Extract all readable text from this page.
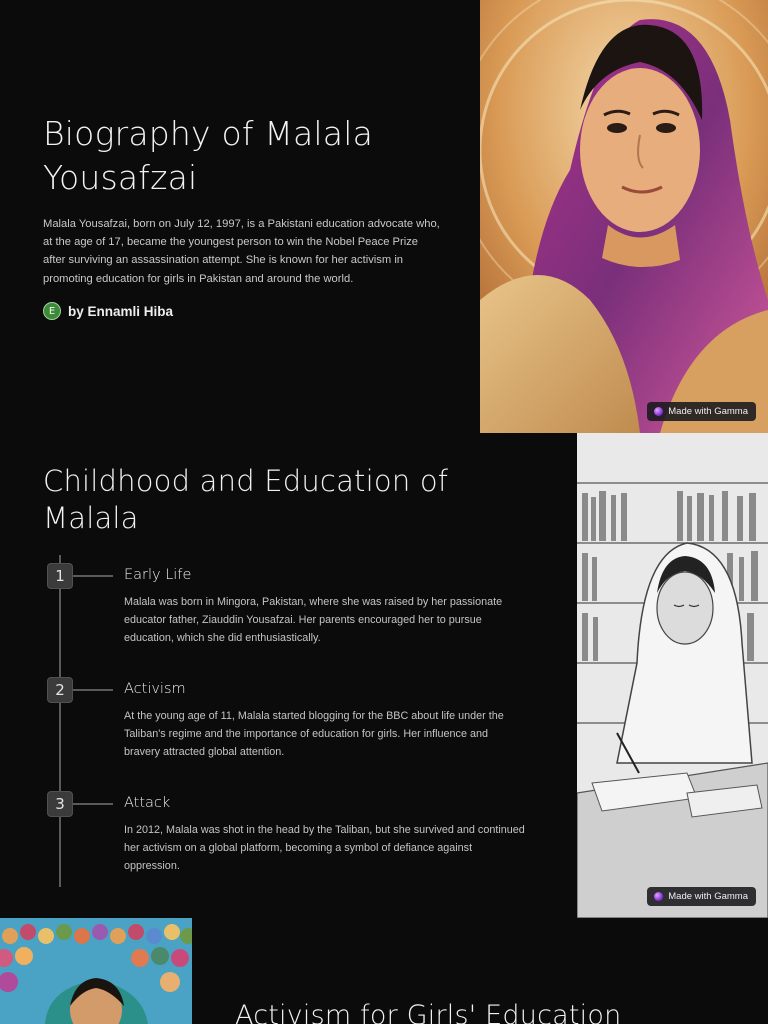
Biography of Malala Yousafzai

Malala Yousafzai, born on July 12, 1997, is a Pakistani education advocate who, at the age of 17, became the youngest person to win the Nobel Peace Prize after surviving an assassination attempt. She is known for her activism in promoting education for girls in Pakistan and around the world.

E by Ennamli Hiba
Made with Gamma
Childhood and Education of Malala
1	Early Life

Malala was born in Mingora, Pakistan, where she was raised by her passionate educator father, Ziauddin Yousafzai. Her parents encouraged her to pursue education, which she did enthusiastically.

2	Activism

At the young age of 11, Malala started blogging for the BBC about life under the Taliban's regime and the importance of education for girls. Her influence and bravery attracted global attention.

3	Attack

In 2012, Malala was shot in the head by the Taliban, but she survived and continued her activism on a global platform, becoming a symbol of defiance against oppression.

Made with Gamma
Activism for Girls' Education
